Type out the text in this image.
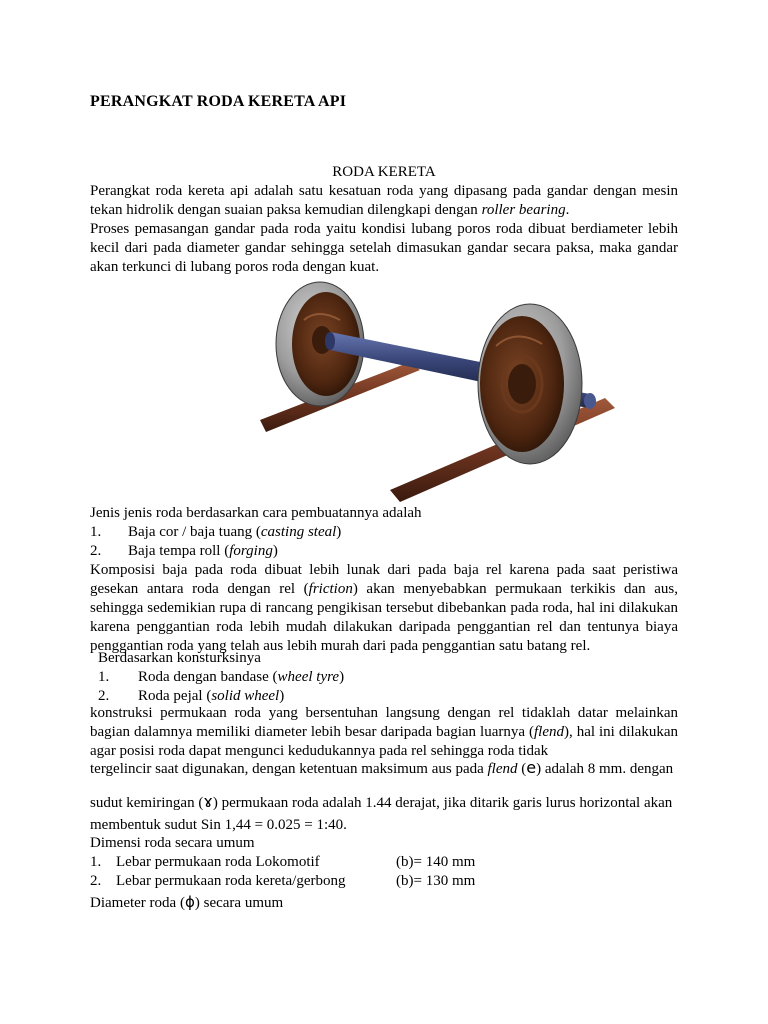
PERANGKAT RODA KERETA API
RODA KERETA
Perangkat roda kereta api adalah satu kesatuan roda yang dipasang pada gandar dengan mesin tekan hidrolik dengan suaian paksa kemudian dilengkapi dengan roller bearing.
Proses pemasangan gandar pada roda yaitu kondisi lubang poros roda dibuat berdiameter lebih kecil dari pada diameter gandar sehingga setelah dimasukan gandar secara paksa, maka gandar akan terkunci di lubang poros roda dengan kuat.
Jenis jenis roda berdasarkan cara pembuatannya adalah
1.	Baja cor / baja tuang (casting steal)
2.	Baja tempa roll (forging)
Komposisi baja pada roda dibuat lebih lunak dari pada baja rel karena pada saat peristiwa gesekan antara roda dengan rel (friction) akan menyebabkan permukaan terkikis dan aus, sehingga sedemikian rupa di rancang pengikisan tersebut dibebankan pada roda, hal ini dilakukan karena penggantian roda lebih mudah dilakukan daripada penggantian rel dan tentunya biaya penggantian roda yang telah aus lebih murah dari pada penggantian satu batang rel.
Berdasarkan konsturksinya
1.	Roda dengan bandase (wheel tyre)
2.	Roda pejal (solid wheel)
konstruksi permukaan roda yang bersentuhan langsung dengan rel tidaklah datar melainkan bagian dalamnya memiliki diameter lebih besar daripada bagian luarnya (flend), hal ini dilakukan agar posisi roda dapat mengunci kedudukannya pada rel sehingga roda tidak
tergelincir saat digunakan, dengan ketentuan maksimum aus pada flend (e) adalah 8 mm. dengan
sudut kemiringan (ɤ) permukaan roda adalah 1.44 derajat, jika ditarik garis lurus horizontal akan
membentuk sudut Sin 1,44 = 0.025 = 1:40.
Dimensi roda secara umum
1. Lebar permukaan roda Lokomotif	(b)= 140 mm
2. Lebar permukaan roda kereta/gerbong	(b)= 130 mm
Diameter roda (ϕ) secara umum
